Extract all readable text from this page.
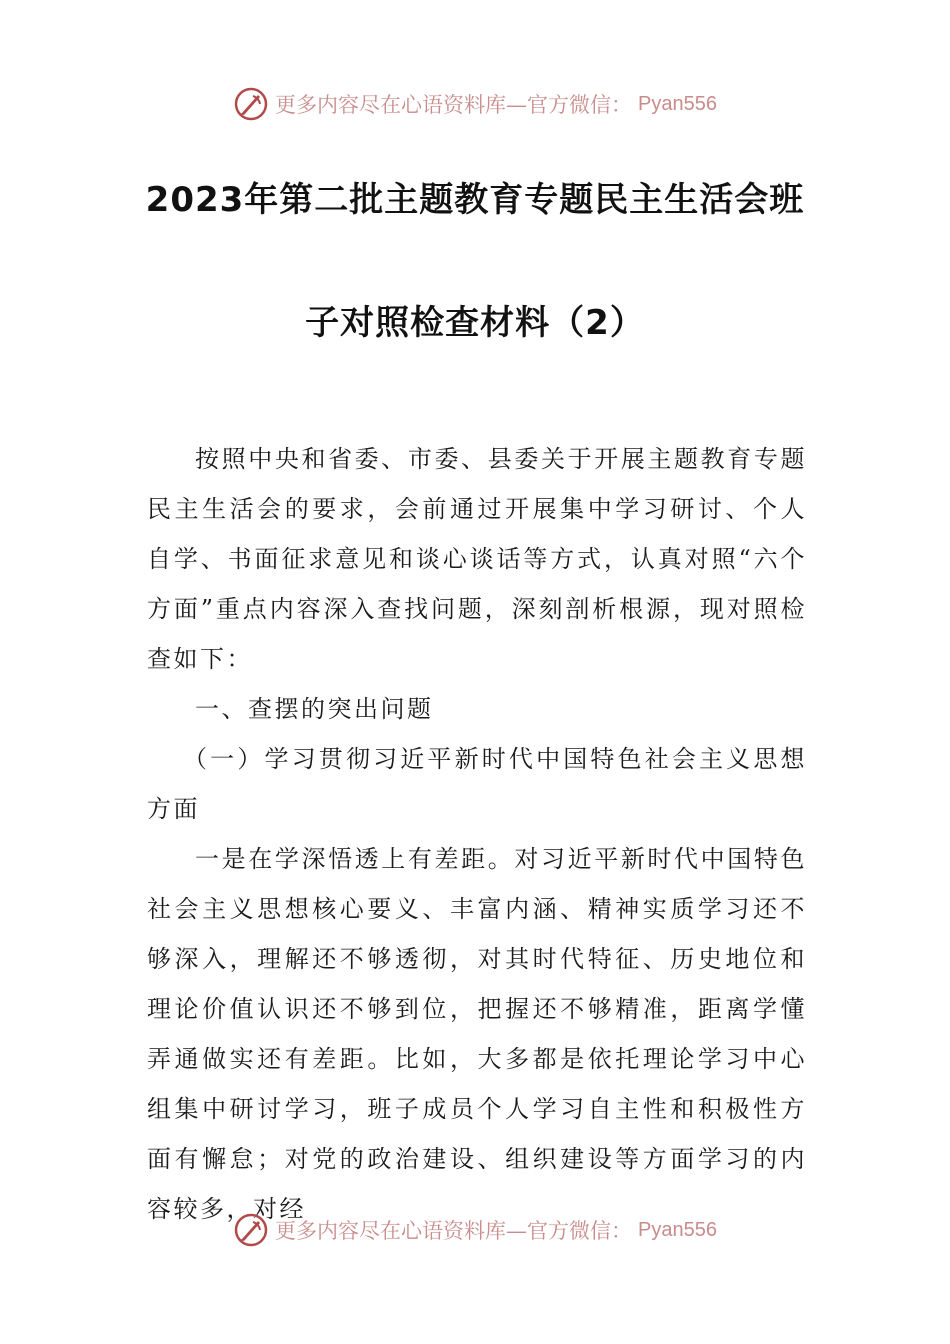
更多内容尽在心语资料库—官方微信： Pyan556
2023年第二批主题教育专题民主生活会班
子对照检查材料（2）

按照中央和省委、市委、县委关于开展主题教育专题民主生活会的要求，会前通过开展集中学习研讨、个人自学、书面征求意见和谈心谈话等方式，认真对照“六个方面”重点内容深入查找问题，深刻剖析根源，现对照检查如下：

一、查摆的突出问题

（一）学习贯彻习近平新时代中国特色社会主义思想方面

一是在学深悟透上有差距。对习近平新时代中国特色社会主义思想核心要义、丰富内涵、精神实质学习还不够深入，理解还不够透彻，对其时代特征、历史地位和理论价值认识还不够到位，把握还不够精准，距离学懂弄通做实还有差距。比如，大多都是依托理论学习中心组集中研讨学习，班子成员个人学习自主性和积极性方面有懈怠；对党的政治建设、组织建设等方面学习的内容较多，对经

更多内容尽在心语资料库—官方微信： Pyan556
